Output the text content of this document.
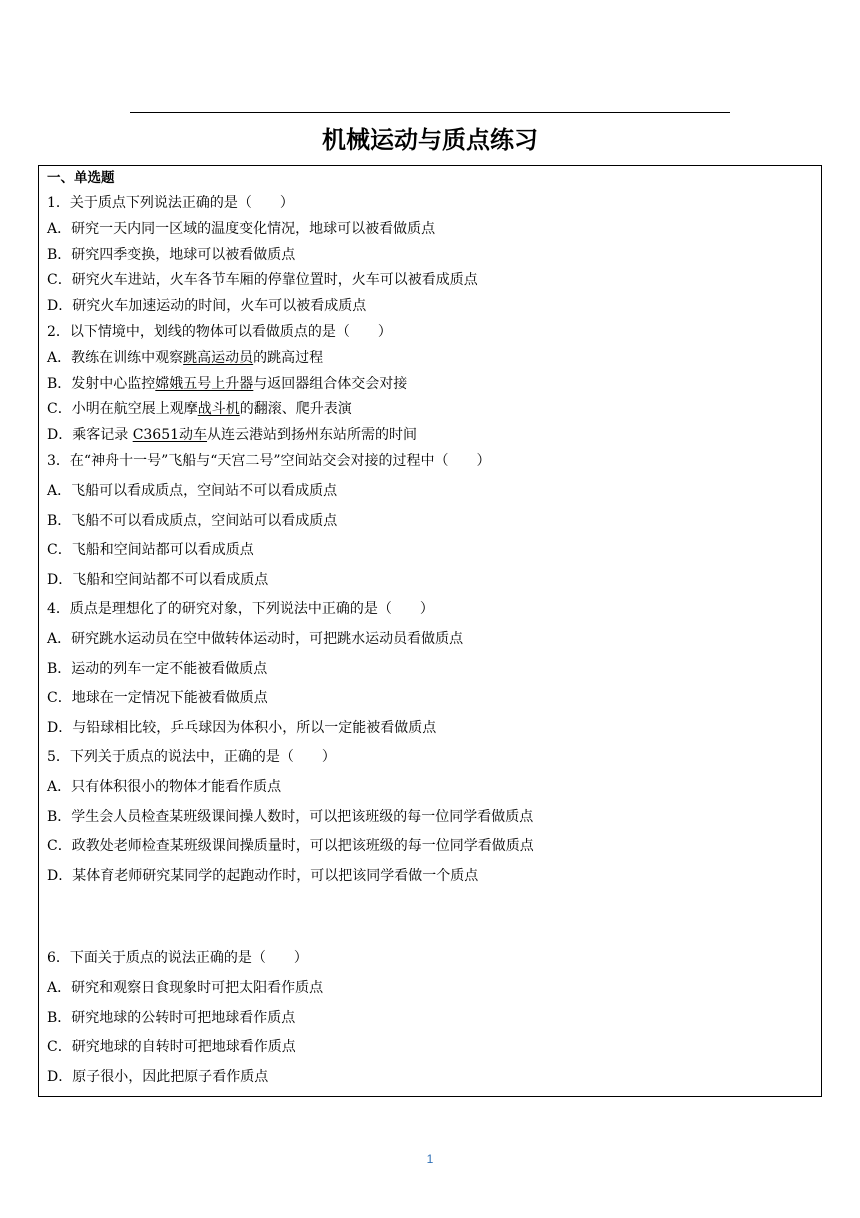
机械运动与质点练习
一、单选题
1．关于质点下列说法正确的是（　　）
A．研究一天内同一区域的温度变化情况，地球可以被看做质点
B．研究四季变换，地球可以被看做质点
C．研究火车进站，火车各节车厢的停靠位置时，火车可以被看成质点
D．研究火车加速运动的时间，火车可以被看成质点
2．以下情境中，划线的物体可以看做质点的是（　　）
A．教练在训练中观察跳高运动员的跳高过程
B．发射中心监控嫦娥五号上升器与返回器组合体交会对接
C．小明在航空展上观摩战斗机的翻滚、爬升表演
D．乘客记录 C3651动车从连云港站到扬州东站所需的时间
3．在“神舟十一号”飞船与“天宫二号”空间站交会对接的过程中（　　）
A．飞船可以看成质点，空间站不可以看成质点
B．飞船不可以看成质点，空间站可以看成质点
C．飞船和空间站都可以看成质点
D．飞船和空间站都不可以看成质点
4．质点是理想化了的研究对象，下列说法中正确的是（　　）
A．研究跳水运动员在空中做转体运动时，可把跳水运动员看做质点
B．运动的列车一定不能被看做质点
C．地球在一定情况下能被看做质点
D．与铅球相比较，乒乓球因为体积小，所以一定能被看做质点
5．下列关于质点的说法中，正确的是（　　）
A．只有体积很小的物体才能看作质点
B．学生会人员检查某班级课间操人数时，可以把该班级的每一位同学看做质点
C．政教处老师检查某班级课间操质量时，可以把该班级的每一位同学看做质点
D．某体育老师研究某同学的起跑动作时，可以把该同学看做一个质点
6．下面关于质点的说法正确的是（　　）
A．研究和观察日食现象时可把太阳看作质点
B．研究地球的公转时可把地球看作质点
C．研究地球的自转时可把地球看作质点
D．原子很小，因此把原子看作质点
1
